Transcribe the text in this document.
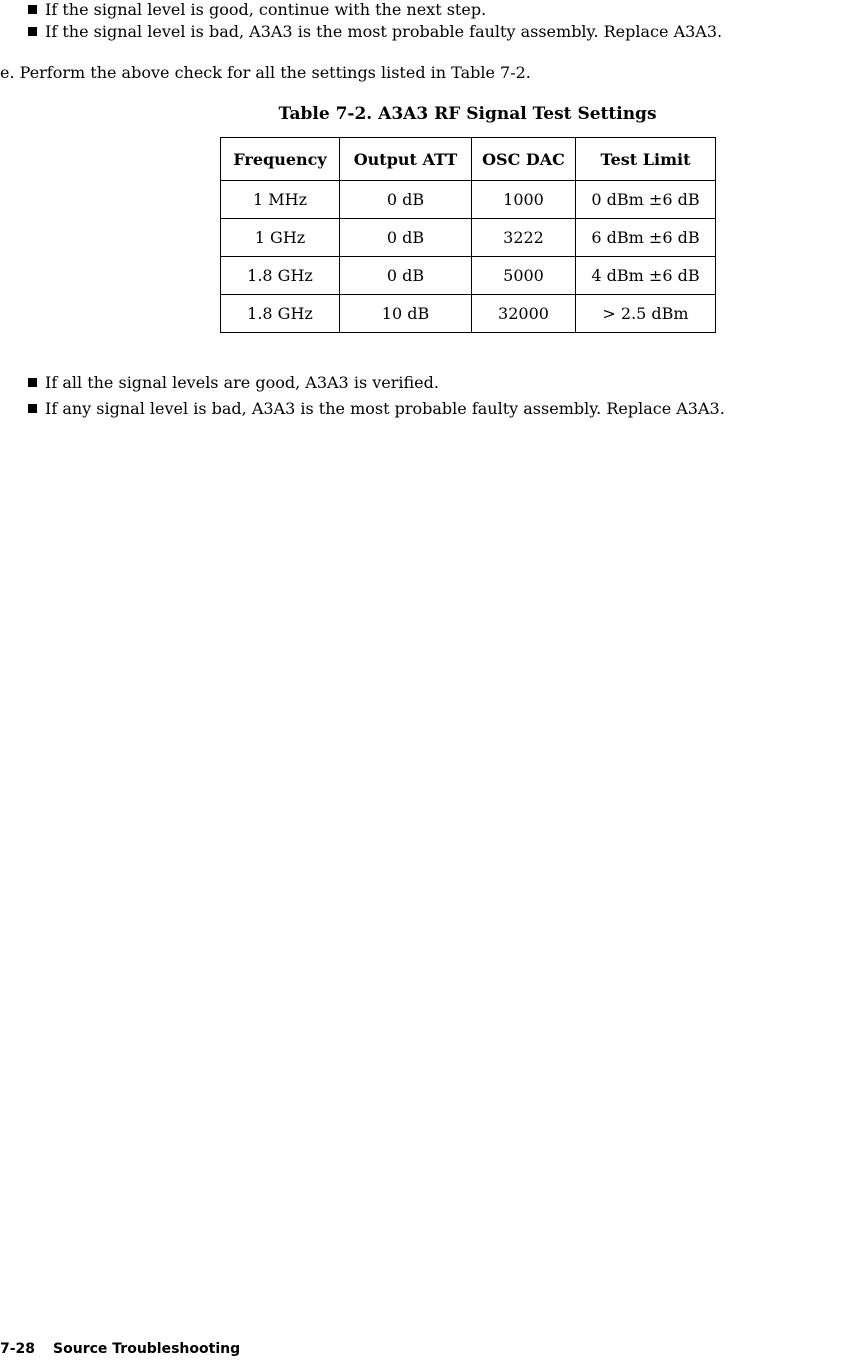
If the signal level is good, continue with the next step.
If the signal level is bad, A3A3 is the most probable faulty assembly. Replace A3A3.
e. Perform the above check for all the settings listed in Table 7-2.
Table 7-2. A3A3 RF Signal Test Settings
Frequency	Output ATT	OSC DAC	Test Limit
1 MHz	0 dB	1000	0 dBm ±6 dB
1 GHz	0 dB	3222	6 dBm ±6 dB
1.8 GHz	0 dB	5000	4 dBm ±6 dB
1.8 GHz	10 dB	32000	> 2.5 dBm
If all the signal levels are good, A3A3 is verified.
If any signal level is bad, A3A3 is the most probable faulty assembly. Replace A3A3.
7-28 Source Troubleshooting
